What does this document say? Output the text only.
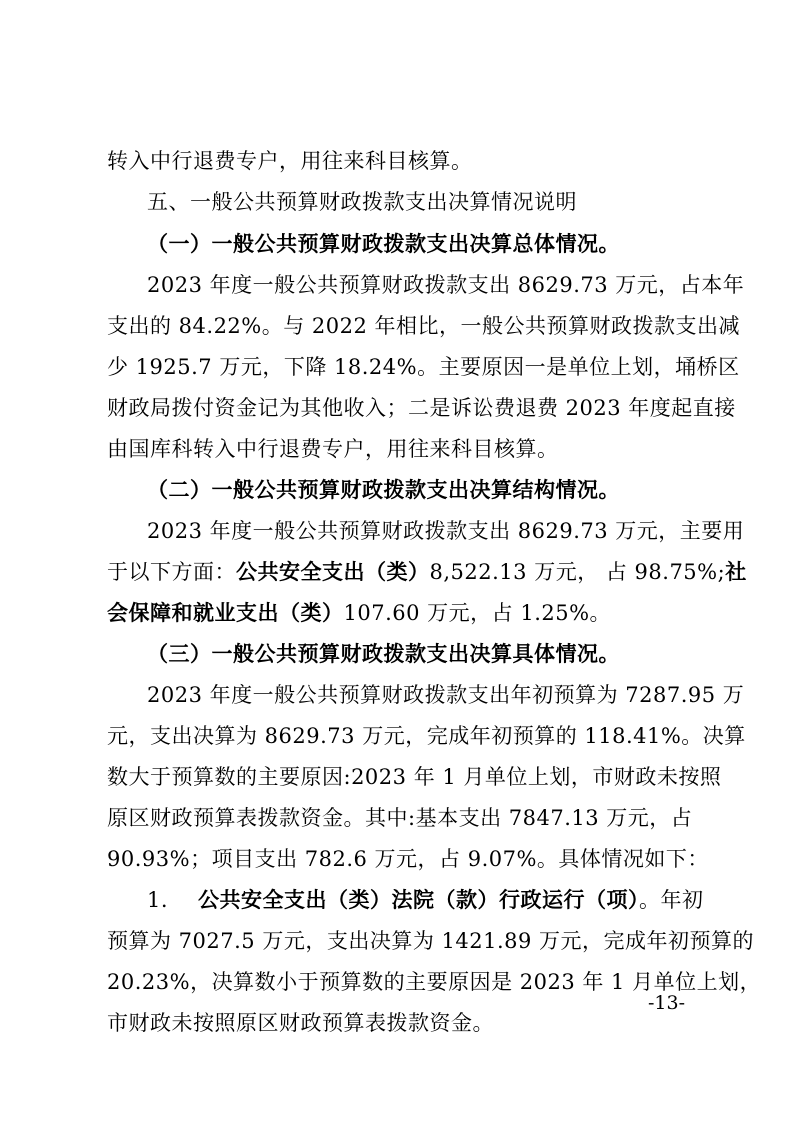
转入中行退费专户，用往来科目核算。
五、一般公共预算财政拨款支出决算情况说明
（一）一般公共预算财政拨款支出决算总体情况。
2023 年度一般公共预算财政拨款支出 8629.73 万元，占本年
支出的 84.22%。与 2022 年相比，一般公共预算财政拨款支出减
少 1925.7 万元，下降 18.24%。主要原因一是单位上划，埇桥区
财政局拨付资金记为其他收入；二是诉讼费退费 2023 年度起直接
由国库科转入中行退费专户，用往来科目核算。
（二）一般公共预算财政拨款支出决算结构情况。
2023 年度一般公共预算财政拨款支出 8629.73 万元，主要用
于以下方面：公共安全支出（类）8,522.13 万元， 占 98.75%;社
会保障和就业支出（类）107.60 万元，占 1.25%。
（三）一般公共预算财政拨款支出决算具体情况。
2023 年度一般公共预算财政拨款支出年初预算为 7287.95 万
元，支出决算为 8629.73 万元，完成年初预算的 118.41%。决算
数大于预算数的主要原因:2023 年 1 月单位上划，市财政未按照
原区财政预算表拨款资金。其中:基本支出 7847.13 万元，占
90.93%；项目支出 782.6 万元，占 9.07%。具体情况如下：
1. 公共安全支出（类）法院（款）行政运行（项）。年初
预算为 7027.5 万元，支出决算为 1421.89 万元，完成年初预算的
20.23%，决算数小于预算数的主要原因是 2023 年 1 月单位上划，
市财政未按照原区财政预算表拨款资金。
-13-
